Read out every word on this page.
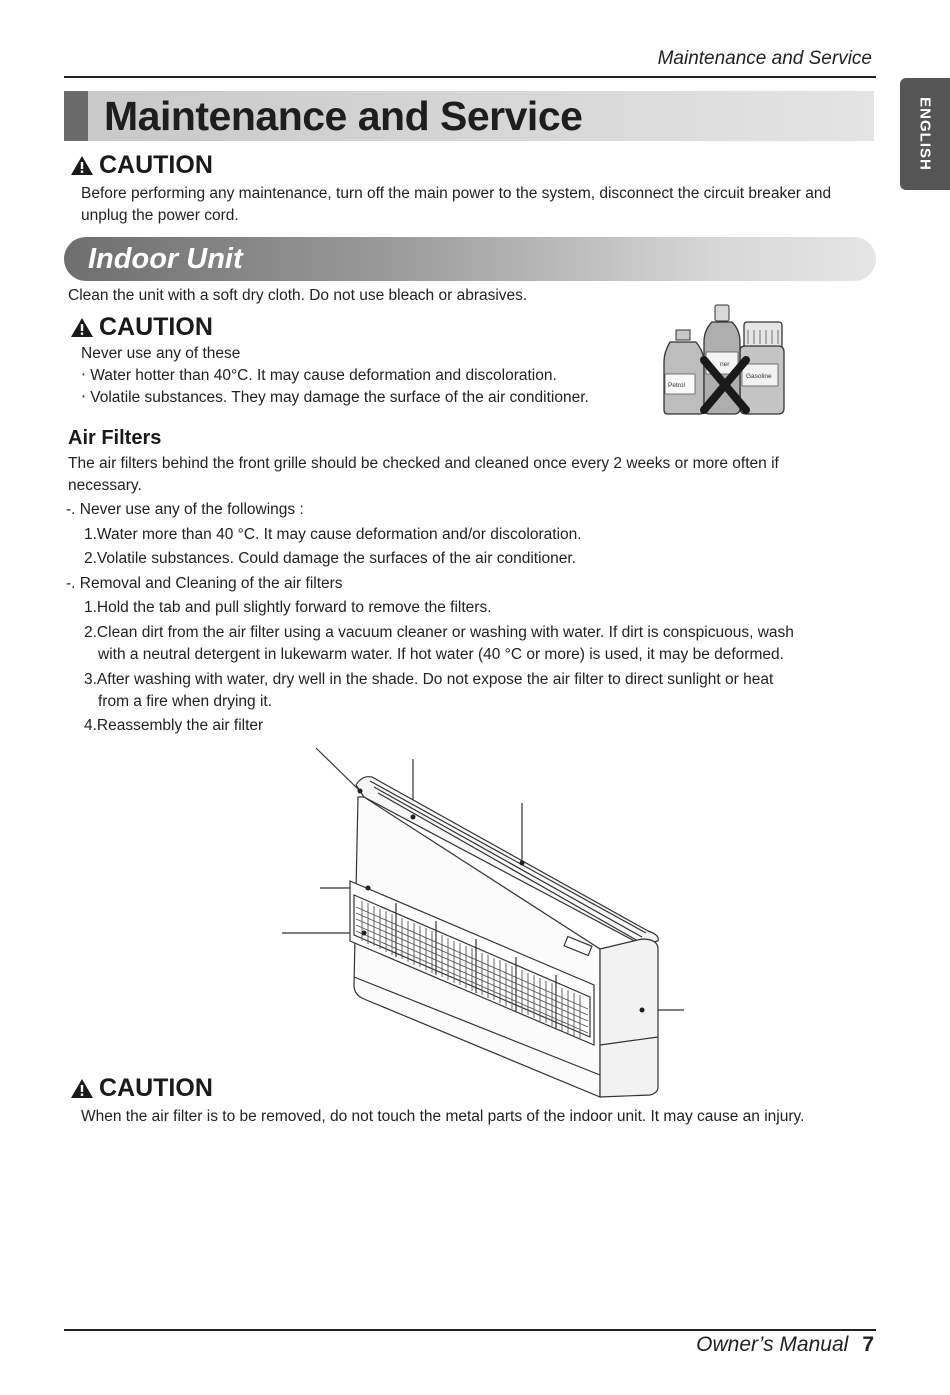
Maintenance and Service
Maintenance and Service	ENGLISH
CAUTION
Before performing any maintenance, turn off the main power to the system, disconnect the circuit breaker and
unplug the power cord.
Indoor Unit
Clean the unit with a soft dry cloth. Do not use bleach or abrasives.
CAUTION
Never use any of these
‧ Water hotter than 40°C. It may cause deformation and discoloration.
‧ Volatile substances. They may damage the surface of the air conditioner.
Petrol
Gasoline
ner
Air Filters
The air filters behind the front grille should be checked and cleaned once every 2 weeks or more often if
necessary.
-. Never use any of the followings :
1.Water more than 40 °C. It may cause deformation and/or discoloration.
2.Volatile substances. Could damage the surfaces of the air conditioner.
-. Removal and Cleaning of the air filters
1.Hold the tab and pull slightly forward to remove the filters.
2.Clean dirt from the air filter using a vacuum cleaner or washing with water. If dirt is conspicuous, wash
with a neutral detergent in lukewarm water. If hot water (40 °C or more) is used, it may be deformed.
3.After washing with water, dry well in the shade. Do not expose the air filter to direct sunlight or heat
from a fire when drying it.
4.Reassembly the air filter
CAUTION
When the air filter is to be removed, do not touch the metal parts of the indoor unit. It may cause an injury.
Owner’s Manual 7
